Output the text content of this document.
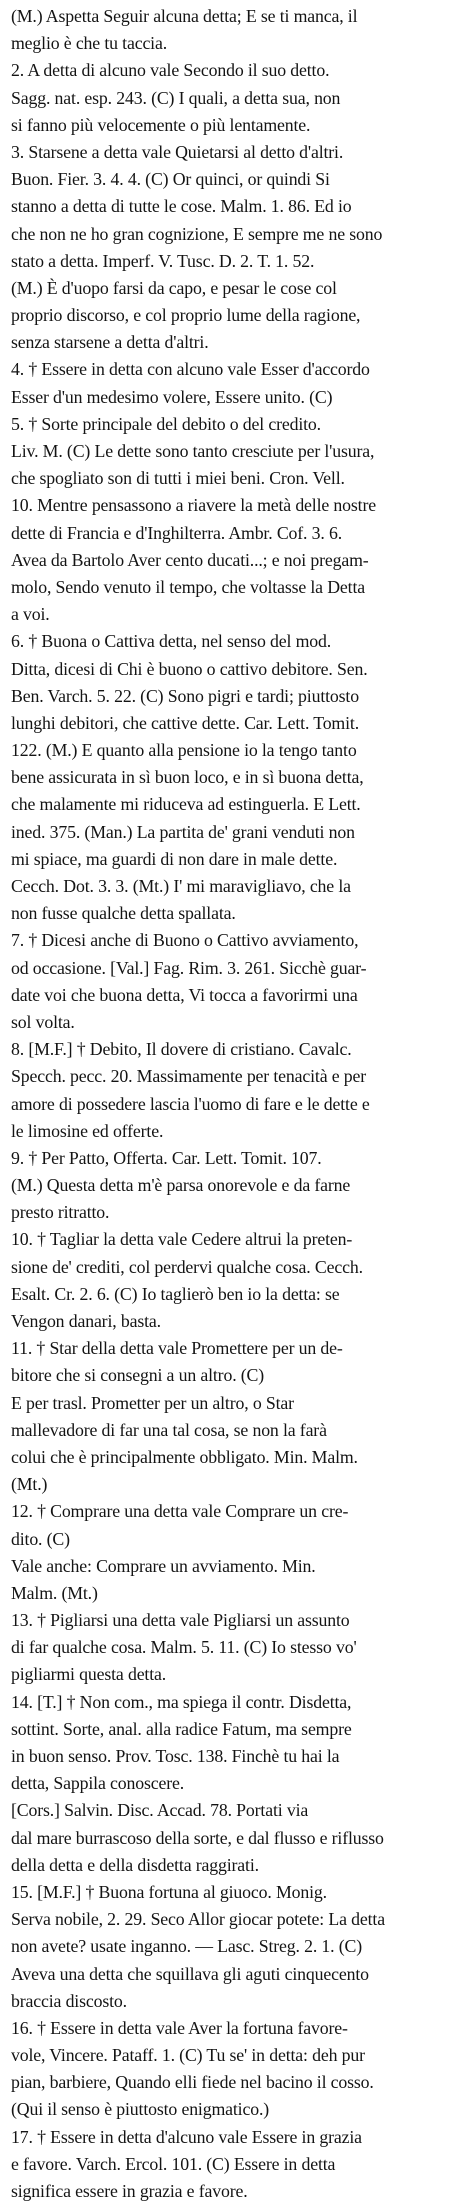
(M.) Aspetta Seguir alcuna detta; E se ti manca, il
meglio è che tu taccia.
2. A detta di alcuno vale Secondo il suo detto.
Sagg. nat. esp. 243. (C) I quali, a detta sua, non
si fanno più velocemente o più lentamente.
3. Starsene a detta vale Quietarsi al detto d'altri.
Buon. Fier. 3. 4. 4. (C) Or quinci, or quindi Si
stanno a detta di tutte le cose. Malm. 1. 86. Ed io
che non ne ho gran cognizione, E sempre me ne sono
stato a detta. Imperf. V. Tusc. D. 2. T. 1. 52.
(M.) È d'uopo farsi da capo, e pesar le cose col
proprio discorso, e col proprio lume della ragione,
senza starsene a detta d'altri.
4. † Essere in detta con alcuno vale Esser d'accordo
Esser d'un medesimo volere, Essere unito. (C)
5. † Sorte principale del debito o del credito.
Liv. M. (C) Le dette sono tanto cresciute per l'usura,
che spogliato son di tutti i miei beni. Cron. Vell.
10. Mentre pensassono a riavere la metà delle nostre
dette di Francia e d'Inghilterra. Ambr. Cof. 3. 6.
Avea da Bartolo Aver cento ducati...; e noi pregam-
molo, Sendo venuto il tempo, che voltasse la Detta
a voi.
6. † Buona o Cattiva detta, nel senso del mod.
Ditta, dicesi di Chi è buono o cattivo debitore. Sen.
Ben. Varch. 5. 22. (C) Sono pigri e tardi; piuttosto
lunghi debitori, che cattive dette. Car. Lett. Tomit.
122. (M.) E quanto alla pensione io la tengo tanto
bene assicurata in sì buon loco, e in sì buona detta,
che malamente mi riduceva ad estinguerla. E Lett.
ined. 375. (Man.) La partita de' grani venduti non
mi spiace, ma guardi di non dare in male dette.
Cecch. Dot. 3. 3. (Mt.) I' mi maravigliavo, che la
non fusse qualche detta spallata.
7. † Dicesi anche di Buono o Cattivo avviamento,
od occasione. [Val.] Fag. Rim. 3. 261. Sicchè guar-
date voi che buona detta, Vi tocca a favorirmi una
sol volta.
8. [M.F.] † Debito, Il dovere di cristiano. Cavalc.
Specch. pecc. 20. Massimamente per tenacità e per
amore di possedere lascia l'uomo di fare e le dette e
le limosine ed offerte.
9. † Per Patto, Offerta. Car. Lett. Tomit. 107.
(M.) Questa detta m'è parsa onorevole e da farne
presto ritratto.
10. † Tagliar la detta vale Cedere altrui la preten-
sione de' crediti, col perdervi qualche cosa. Cecch.
Esalt. Cr. 2. 6. (C) Io taglierò ben io la detta: se
Vengon danari, basta.
11. † Star della detta vale Promettere per un de-
bitore che si consegni a un altro. (C)
E per trasl. Prometter per un altro, o Star
mallevadore di far una tal cosa, se non la farà
colui che è principalmente obbligato. Min. Malm.
(Mt.)
12. † Comprare una detta vale Comprare un cre-
dito. (C)
Vale anche: Comprare un avviamento. Min.
Malm. (Mt.)
13. † Pigliarsi una detta vale Pigliarsi un assunto
di far qualche cosa. Malm. 5. 11. (C) Io stesso vo'
pigliarmi questa detta.
14. [T.] † Non com., ma spiega il contr. Disdetta,
sottint. Sorte, anal. alla radice Fatum, ma sempre
in buon senso. Prov. Tosc. 138. Finchè tu hai la
detta, Sappila conoscere.
[Cors.] Salvin. Disc. Accad. 78. Portati via
dal mare burrascoso della sorte, e dal flusso e riflusso
della detta e della disdetta raggirati.
15. [M.F.] † Buona fortuna al giuoco. Monig.
Serva nobile, 2. 29. Seco Allor giocar potete: La detta
non avete? usate inganno. — Lasc. Streg. 2. 1. (C)
Aveva una detta che squillava gli aguti cinquecento
braccia discosto.
16. † Essere in detta vale Aver la fortuna favore-
vole, Vincere. Pataff. 1. (C) Tu se' in detta: deh pur
pian, barbiere, Quando elli fiede nel bacino il cosso.
(Qui il senso è piuttosto enigmatico.)
17. † Essere in detta d'alcuno vale Essere in grazia
e favore. Varch. Ercol. 101. (C) Essere in detta
significa essere in grazia e favore.
